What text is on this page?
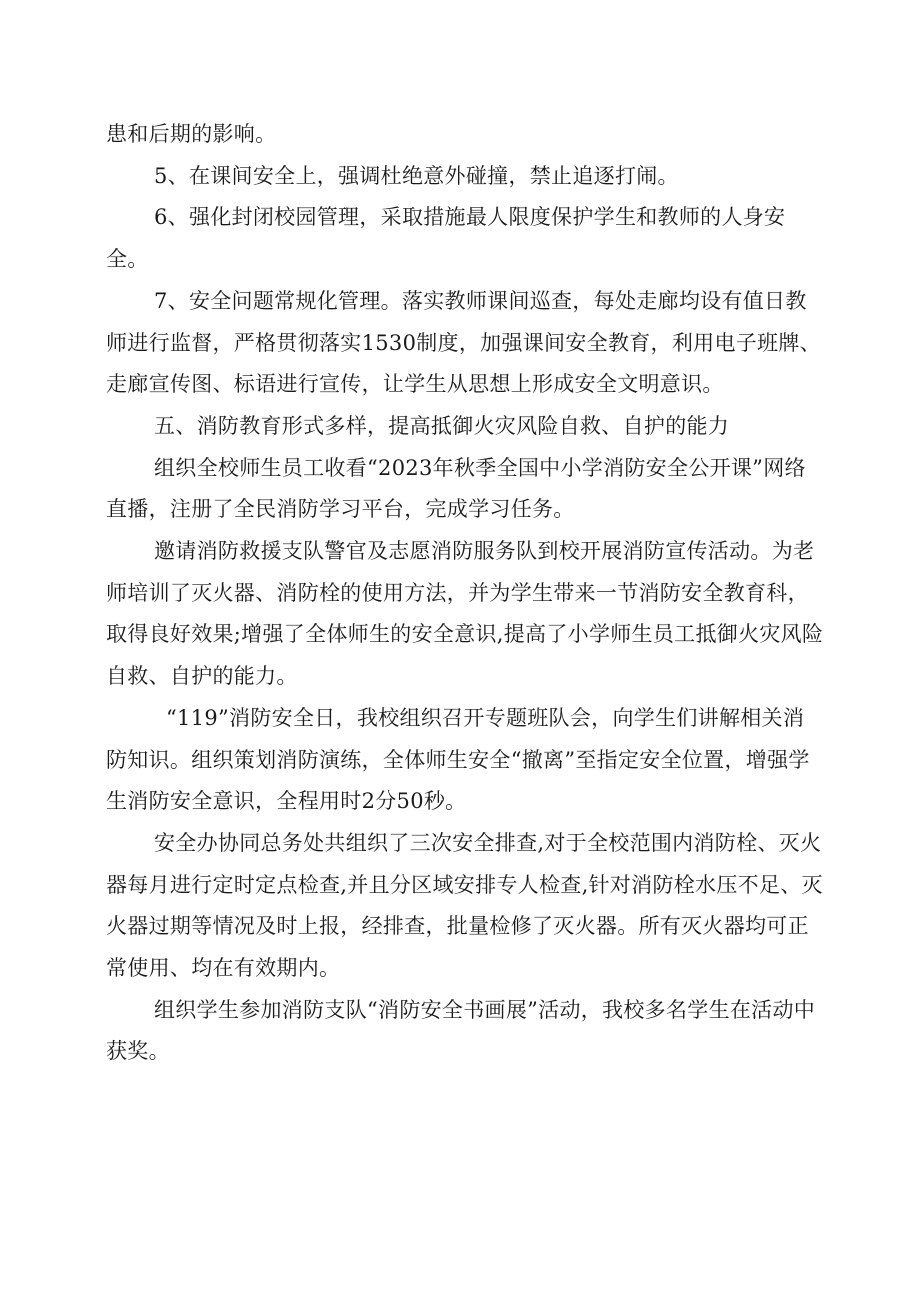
患和后期的影响。

5、在课间安全上，强调杜绝意外碰撞，禁止追逐打闹。

6、强化封闭校园管理，采取措施最人限度保护学生和教师的人身安全。

7、安全问题常规化管理。落实教师课间巡查，每处走廊均设有值日教师进行监督，严格贯彻落实1530制度，加强课间安全教育，利用电子班牌、走廊宣传图、标语进行宣传，让学生从思想上形成安全文明意识。

五、消防教育形式多样，提高抵御火灾风险自救、自护的能力

组织全校师生员工收看“2023年秋季全国中小学消防安全公开课”网络直播，注册了全民消防学习平台，完成学习任务。

邀请消防救援支队警官及志愿消防服务队到校开展消防宣传活动。为老师培训了灭火器、消防栓的使用方法，并为学生带来一节消防安全教育科，取得良好效果;增强了全体师生的安全意识,提高了小学师生员工抵御火灾风险自救、自护的能力。

“119”消防安全日，我校组织召开专题班队会，向学生们讲解相关消防知识。组织策划消防演练，全体师生安全“撤离”至指定安全位置，增强学生消防安全意识，全程用时2分50秒。

安全办协同总务处共组织了三次安全排查,对于全校范围内消防栓、灭火器每月进行定时定点检查,并且分区域安排专人检查,针对消防栓水压不足、灭火器过期等情况及时上报，经排查，批量检修了灭火器。所有灭火器均可正常使用、均在有效期内。

组织学生参加消防支队“消防安全书画展”活动，我校多名学生在活动中获奖。
